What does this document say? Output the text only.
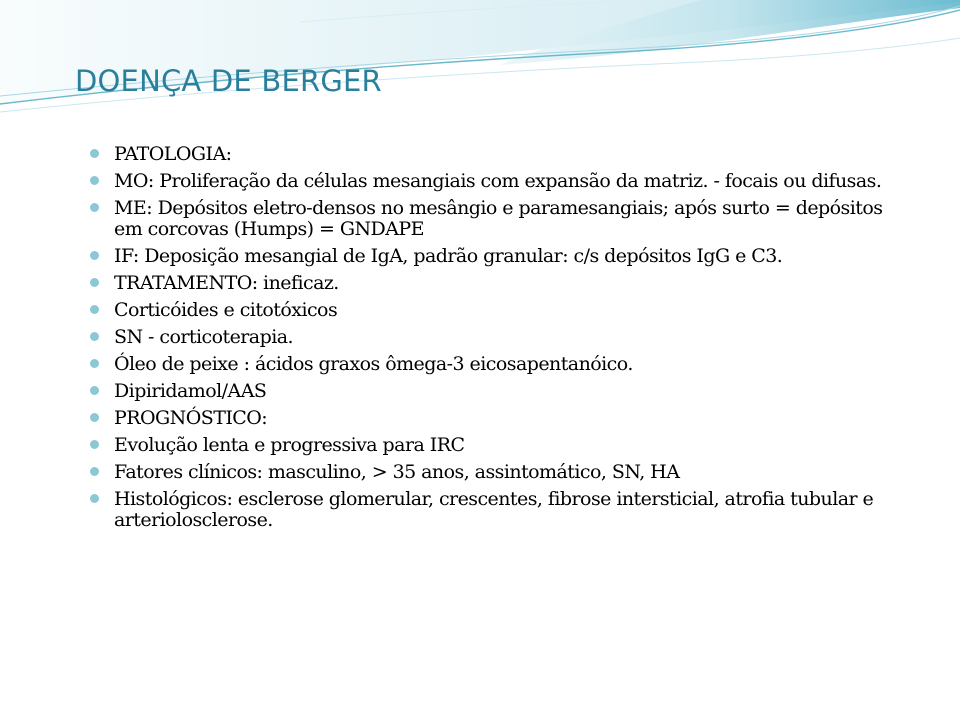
DOENÇA DE BERGER
PATOLOGIA:
MO: Proliferação da células mesangiais com expansão da matriz. - focais ou difusas.
ME: Depósitos eletro-densos no mesângio e paramesangiais; após surto = depósitos em corcovas (Humps) = GNDAPE
IF: Deposição mesangial de IgA, padrão granular: c/s depósitos IgG e C3.
TRATAMENTO: ineficaz.
Corticóides e citotóxicos
SN - corticoterapia.
Óleo de peixe : ácidos graxos ômega-3 eicosapentanóico.
Dipiridamol/AAS
PROGNÓSTICO:
Evolução lenta e progressiva para IRC
Fatores clínicos: masculino, > 35 anos, assintomático, SN, HA
Histológicos: esclerose glomerular, crescentes, fibrose intersticial, atrofia tubular e arteriolosclerose.
